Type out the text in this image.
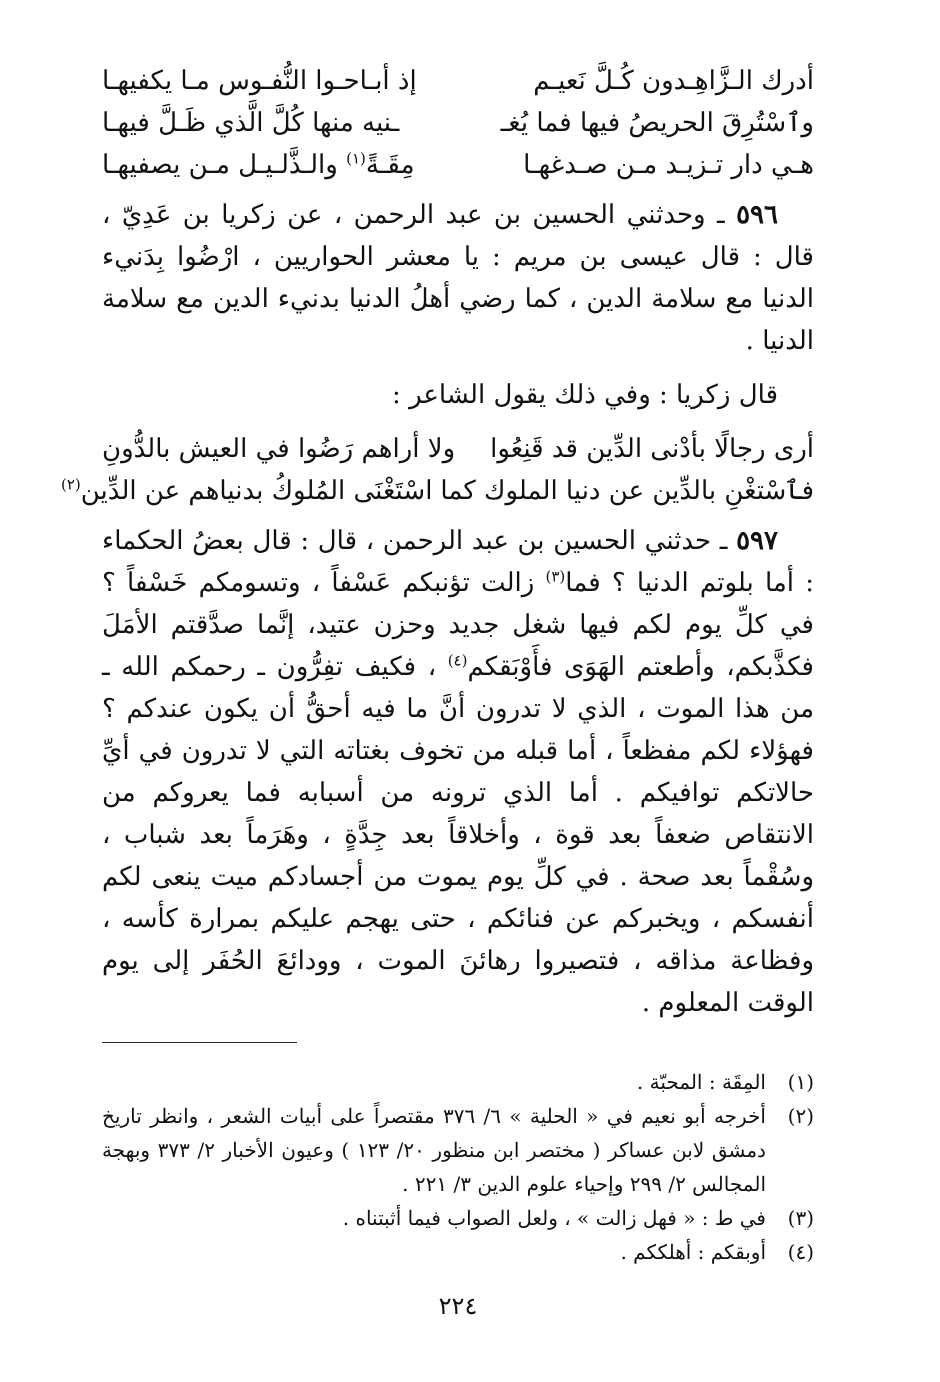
أدرك الـزَّاهِـدون كُـلَّ نَعيـم
إذ أبـاحـوا النُّفـوس مـا يكفيهـا
وٱسْتُرِقَ الحريصُ فيها فما يُغـ
ـنيه منها كُلَّ الَّذي ظَـلَّ فيهـا
هـي دار تـزيـد مـن صـدغهـا
مِقَـةً$^{(١)}$ والـذَّلـيـل مـن يصفيهـا

٥٩٦ ـ وحدثني الحسين بن عبد الرحمن ، عن زكريا بن عَدِيّ ، قال : قال عيسى بن مريم : يا معشر الحواريين ، ارْضُوا بِدَنيء الدنيا مع سلامة الدين ، كما رضي أهلُ الدنيا بدنيء الدين مع سلامة الدنيا .

قال زكريا : وفي ذلك يقول الشاعر :

أرى رجالًا بأدْنى الدِّين قد قَنِعُوا
ولا أراهم رَضُوا في العيش بالدُّونِ
فٱسْتغْنِ بالدِّين عن دنيا الملوك كما
اسْتَغْنَى المُلوكُ بدنياهم عن الدِّين$^{(٢)}$

٥٩٧ ـ حدثني الحسين بن عبد الرحمن ، قال : قال بعضُ الحكماء : أما بلوتم الدنيا ؟ فما$^{(٣)}$ زالت تؤنبكم عَسْفاً ، وتسومكم خَسْفاً ؟ في كلِّ يوم لكم فيها شغل جديد وحزن عتيد، إنَّما صدَّقتم الأمَلَ فكذَّبكم، وأطعتم الهَوَى فأَوْبَقكم$^{(٤)}$ ، فكيف تفِرُّون ـ رحمكم الله ـ من هذا الموت ، الذي لا تدرون أنَّ ما فيه أحقُّ أن يكون عندكم ؟ فهؤلاء لكم مفظعاً ، أما قبله من تخوف بغتاته التي لا تدرون في أيِّ حالاتكم توافيكم . أما الذي ترونه من أسبابه فما يعروكم من الانتقاص ضعفاً بعد قوة ، وأخلاقاً بعد جِدَّةٍ ، وهَرَماً بعد شباب ، وسُقْماً بعد صحة . في كلِّ يوم يموت من أجسادكم ميت ينعى لكم أنفسكم ، ويخبركم عن فنائكم ، حتى يهجم عليكم بمرارة كأسه ، وفظاعة مذاقه ، فتصيروا رهائنَ الموت ، وودائعَ الحُفَر إلى يوم الوقت المعلوم .

(١)
المِقَة : المحبّة .
(٢)
أخرجه أبو نعيم في « الحلية » ٦/ ٣٧٦ مقتصراً على أبيات الشعر ، وانظر تاريخ دمشق لابن عساكر ( مختصر ابن منظور ٢٠/ ١٢٣ ) وعيون الأخبار ٢/ ٣٧٣ وبهجة المجالس ٢/ ٢٩٩ وإحياء علوم الدين ٣/ ٢٢١ .
(٣)
في ط : « فهل زالت » ، ولعل الصواب فيما أثبتناه .
(٤)
أوبقكم : أهلككم .
٢٢٤
